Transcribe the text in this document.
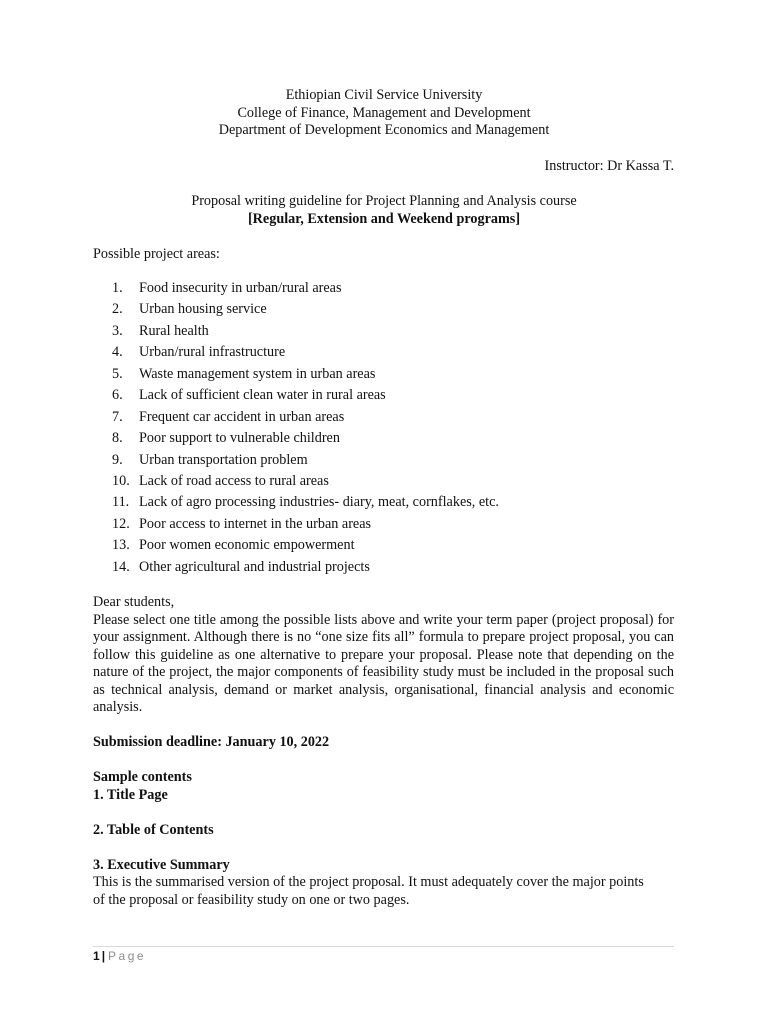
Ethiopian Civil Service University
College of Finance, Management and Development
Department of Development Economics and Management
Instructor: Dr Kassa T.
Proposal writing guideline for Project Planning and Analysis course
[Regular, Extension and Weekend programs]
Possible project areas:
1. Food insecurity in urban/rural areas
2. Urban housing service
3. Rural health
4. Urban/rural infrastructure
5. Waste management system in urban areas
6. Lack of sufficient clean water in rural areas
7. Frequent car accident in urban areas
8. Poor support to vulnerable children
9. Urban transportation problem
10. Lack of road access to rural areas
11. Lack of agro processing industries- diary, meat, cornflakes, etc.
12. Poor access to internet in the urban areas
13. Poor women economic empowerment
14. Other agricultural and industrial projects
Dear students,
Please select one title among the possible lists above and write your term paper (project proposal) for your assignment. Although there is no “one size fits all” formula to prepare project proposal, you can follow this guideline as one alternative to prepare your proposal. Please note that depending on the nature of the project, the major components of feasibility study must be included in the proposal such as technical analysis, demand or market analysis, organisational, financial analysis and economic analysis.
Submission deadline: January 10, 2022
Sample contents
1. Title Page
2. Table of Contents
3. Executive Summary
This is the summarised version of the project proposal. It must adequately cover the major points of the proposal or feasibility study on one or two pages.
1 | Page
